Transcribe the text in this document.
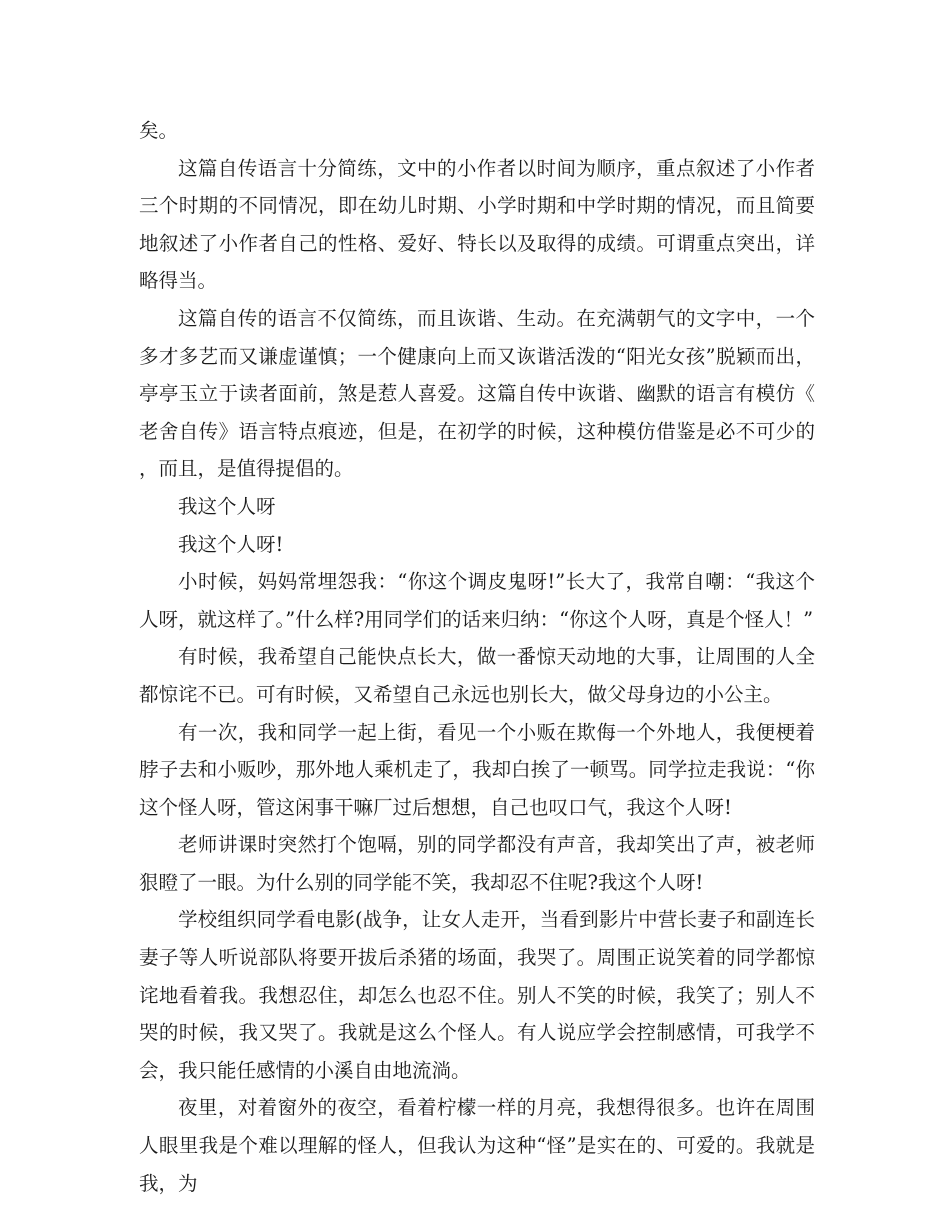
矣。

这篇自传语言十分简练，文中的小作者以时间为顺序，重点叙述了小作者三个时期的不同情况，即在幼儿时期、小学时期和中学时期的情况，而且简要地叙述了小作者自己的性格、爱好、特长以及取得的成绩。可谓重点突出，详略得当。

这篇自传的语言不仅简练，而且诙谐、生动。在充满朝气的文字中，一个多才多艺而又谦虚谨慎；一个健康向上而又诙谐活泼的“阳光女孩”脱颖而出，亭亭玉立于读者面前，煞是惹人喜爱。这篇自传中诙谐、幽默的语言有模仿《老舍自传》语言特点痕迹，但是，在初学的时候，这种模仿借鉴是必不可少的，而且，是值得提倡的。

我这个人呀

我这个人呀!

小时候，妈妈常埋怨我：“你这个调皮鬼呀!”长大了，我常自嘲：“我这个人呀，就这样了。”什么样?用同学们的话来归纳：“你这个人呀，真是个怪人！”

有时候，我希望自己能快点长大，做一番惊天动地的大事，让周围的人全都惊诧不已。可有时候，又希望自己永远也别长大，做父母身边的小公主。

有一次，我和同学一起上街，看见一个小贩在欺侮一个外地人，我便梗着脖子去和小贩吵，那外地人乘机走了，我却白挨了一顿骂。同学拉走我说：“你这个怪人呀，管这闲事干嘛厂过后想想，自己也叹口气，我这个人呀!

老师讲课时突然打个饱嗝，别的同学都没有声音，我却笑出了声，被老师狠瞪了一眼。为什么别的同学能不笑，我却忍不住呢?我这个人呀!

学校组织同学看电影(战争，让女人走开，当看到影片中营长妻子和副连长妻子等人听说部队将要开拔后杀猪的场面，我哭了。周围正说笑着的同学都惊诧地看着我。我想忍住，却怎么也忍不住。别人不笑的时候，我笑了；别人不哭的时候，我又哭了。我就是这么个怪人。有人说应学会控制感情，可我学不会，我只能任感情的小溪自由地流淌。

夜里，对着窗外的夜空，看着柠檬一样的月亮，我想得很多。也许在周围人眼里我是个难以理解的怪人，但我认为这种“怪”是实在的、可爱的。我就是我，为
